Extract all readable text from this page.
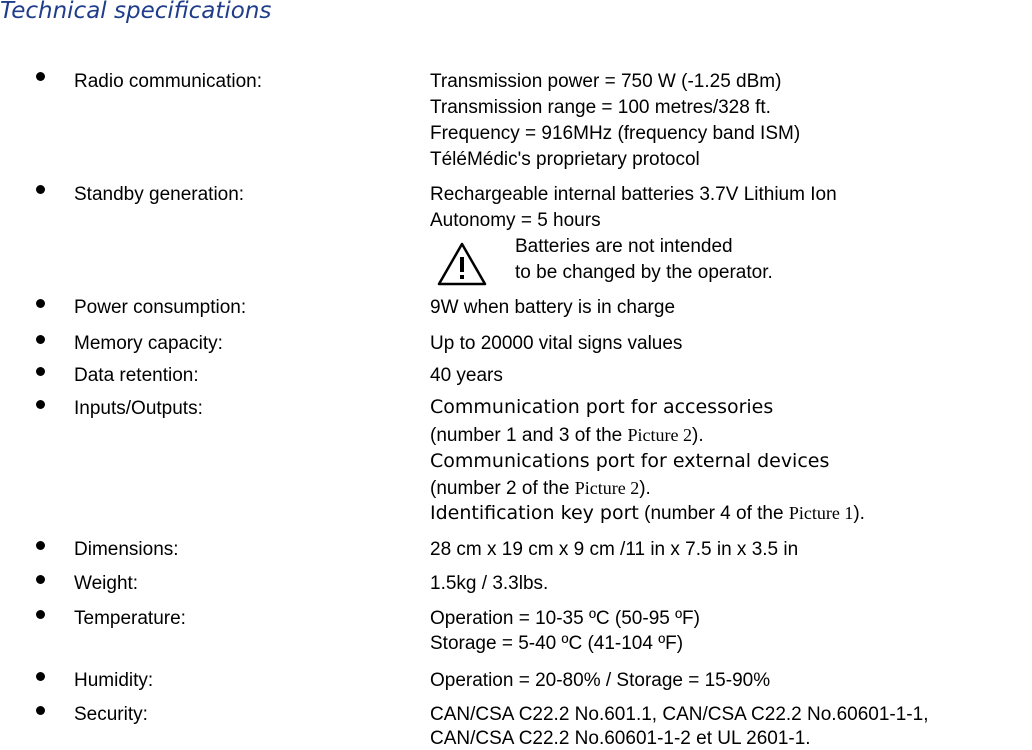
Technical specifications
Radio communication:	Transmission power = 750 W (-1.25 dBm)
Transmission range = 100 metres/328 ft.
Frequency = 916MHz (frequency band ISM)
TéléMédic's proprietary protocol
Standby generation:	Rechargeable internal batteries 3.7V Lithium Ion
Autonomy = 5 hours
Batteries are not intended
to be changed by the operator.
Power consumption:	9W when battery is in charge
Memory capacity:	Up to 20000 vital signs values
Data retention:	40 years
Inputs/Outputs:	Communication port for accessories
(number 1 and 3 of the Picture 2).
Communications port for external devices
(number 2 of the Picture 2).
Identification key port (number 4 of the Picture 1).
Dimensions:	28 cm x 19 cm x 9 cm /11 in x 7.5 in x 3.5 in
Weight:	1.5kg / 3.3lbs.
Temperature:	Operation = 10-35 ºC (50-95 ºF)
Storage = 5-40 ºC (41-104 ºF)
Humidity:	Operation = 20-80% / Storage = 15-90%
Security:	CAN/CSA C22.2 No.601.1, CAN/CSA C22.2 No.60601-1-1,
CAN/CSA C22.2 No.60601-1-2 et UL 2601-1.
